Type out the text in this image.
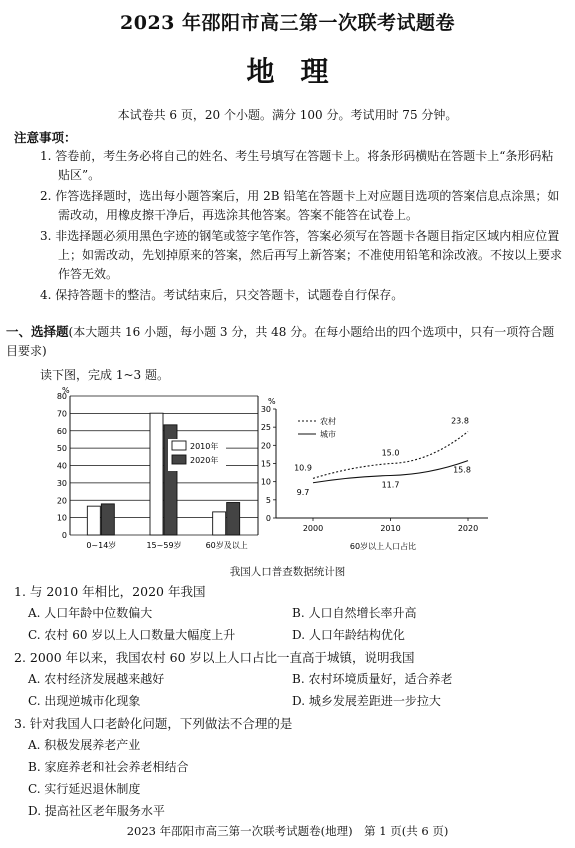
2023 年邵阳市高三第一次联考试题卷
地理
本试卷共 6 页，20 个小题。满分 100 分。考试用时 75 分钟。
注意事项：
1. 答卷前，考生务必将自己的姓名、考生号填写在答题卡上。将条形码横贴在答题卡上“条形码粘贴区”。
2. 作答选择题时，选出每小题答案后，用 2B 铅笔在答题卡上对应题目选项的答案信息点涂黑；如需改动，用橡皮擦干净后，再选涂其他答案。答案不能答在试卷上。
3. 非选择题必须用黑色字迹的钢笔或签字笔作答，答案必须写在答题卡各题目指定区域内相应位置上；如需改动，先划掉原来的答案，然后再写上新答案；不准使用铅笔和涂改液。不按以上要求作答无效。
4. 保持答题卡的整洁。考试结束后，只交答题卡，试题卷自行保存。
一、选择题(本大题共 16 小题，每小题 3 分，共 48 分。在每小题给出的四个选项中，只有一项符合题目要求)
读下图，完成 1~3 题。
%
0
10
20
30
40
50
60
70
80
0~14岁	15~59岁	60岁及以上
2010年
2020年
%
0
5
10
15
20
25
30
2000	2010	2020
60岁以上人口占比
10.9
15.0
23.8
9.7
11.7
15.8
农村
城市
我国人口普查数据统计图
1. 与 2010 年相比，2020 年我国
A. 人口年龄中位数偏大	B. 人口自然增长率升高
C. 农村 60 岁以上人口数量大幅度上升	D. 人口年龄结构优化
2. 2000 年以来，我国农村 60 岁以上人口占比一直高于城镇，说明我国
A. 农村经济发展越来越好	B. 农村环境质量好，适合养老
C. 出现逆城市化现象	D. 城乡发展差距进一步拉大
3. 针对我国人口老龄化问题，下列做法不合理的是
A. 积极发展养老产业
B. 家庭养老和社会养老相结合
C. 实行延迟退休制度
D. 提高社区老年服务水平
2023 年邵阳市高三第一次联考试题卷(地理)　第 1 页(共 6 页)
